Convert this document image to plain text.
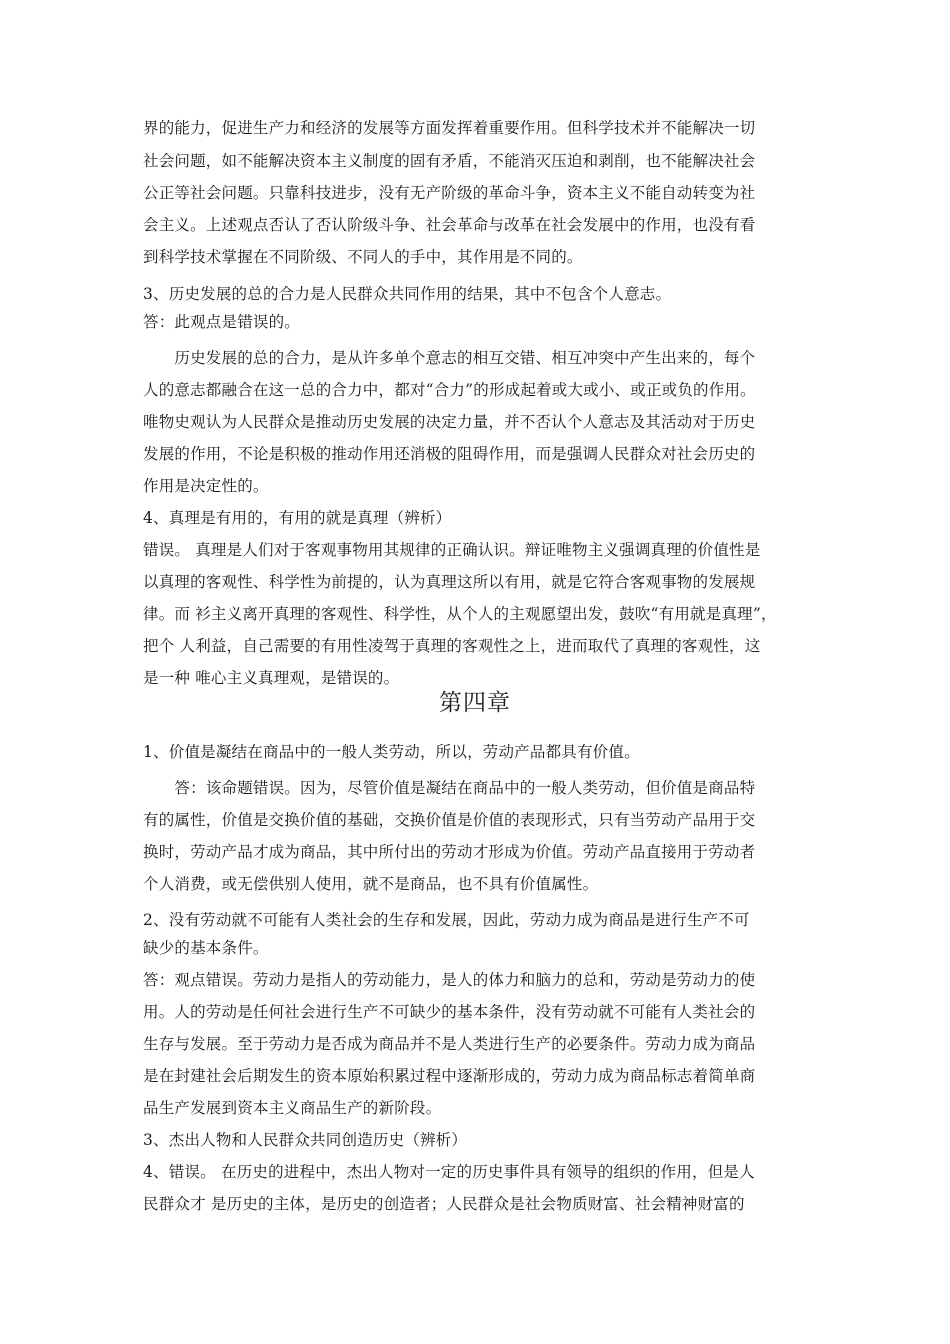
界的能力，促进生产力和经济的发展等方面发挥着重要作用。但科学技术并不能解决一切
社会问题，如不能解决资本主义制度的固有矛盾，不能消灭压迫和剥削，也不能解决社会
公正等社会问题。只靠科技进步，没有无产阶级的革命斗争，资本主义不能自动转变为社
会主义。上述观点否认了否认阶级斗争、社会革命与改革在社会发展中的作用，也没有看
到科学技术掌握在不同阶级、不同人的手中，其作用是不同的。
3、历史发展的总的合力是人民群众共同作用的结果，其中不包含个人意志。
答：此观点是错误的。
　　历史发展的总的合力，是从许多单个意志的相互交错、相互冲突中产生出来的，每个
人的意志都融合在这一总的合力中，都对“合力”的形成起着或大或小、或正或负的作用。
唯物史观认为人民群众是推动历史发展的决定力量，并不否认个人意志及其活动对于历史
发展的作用，不论是积极的推动作用还消极的阻碍作用，而是强调人民群众对社会历史的
作用是决定性的。
4、真理是有用的，有用的就是真理（辨析）
错误。 真理是人们对于客观事物用其规律的正确认识。辩证唯物主义强调真理的价值性是
以真理的客观性、科学性为前提的，认为真理这所以有用，就是它符合客观事物的发展规
律。而 衫主义离开真理的客观性、科学性，从个人的主观愿望出发，鼓吹“有用就是真理”，
把个 人利益，自己需要的有用性凌驾于真理的客观性之上，进而取代了真理的客观性，这
是一种 唯心主义真理观，是错误的。
第四章
1、价值是凝结在商品中的一般人类劳动，所以，劳动产品都具有价值。
　　答：该命题错误。因为，尽管价值是凝结在商品中的一般人类劳动，但价值是商品特
有的属性，价值是交换价值的基础，交换价值是价值的表现形式，只有当劳动产品用于交
换时，劳动产品才成为商品，其中所付出的劳动才形成为价值。劳动产品直接用于劳动者
个人消费，或无偿供别人使用，就不是商品，也不具有价值属性。
2、没有劳动就不可能有人类社会的生存和发展，因此，劳动力成为商品是进行生产不可
缺少的基本条件。
答：观点错误。劳动力是指人的劳动能力，是人的体力和脑力的总和，劳动是劳动力的使
用。人的劳动是任何社会进行生产不可缺少的基本条件，没有劳动就不可能有人类社会的
生存与发展。至于劳动力是否成为商品并不是人类进行生产的必要条件。劳动力成为商品
是在封建社会后期发生的资本原始积累过程中逐渐形成的，劳动力成为商品标志着简单商
品生产发展到资本主义商品生产的新阶段。
3、杰出人物和人民群众共同创造历史（辨析）
4、错误。 在历史的进程中，杰出人物对一定的历史事件具有领导的组织的作用，但是人
民群众才 是历史的主体，是历史的创造者；人民群众是社会物质财富、社会精神财富的
